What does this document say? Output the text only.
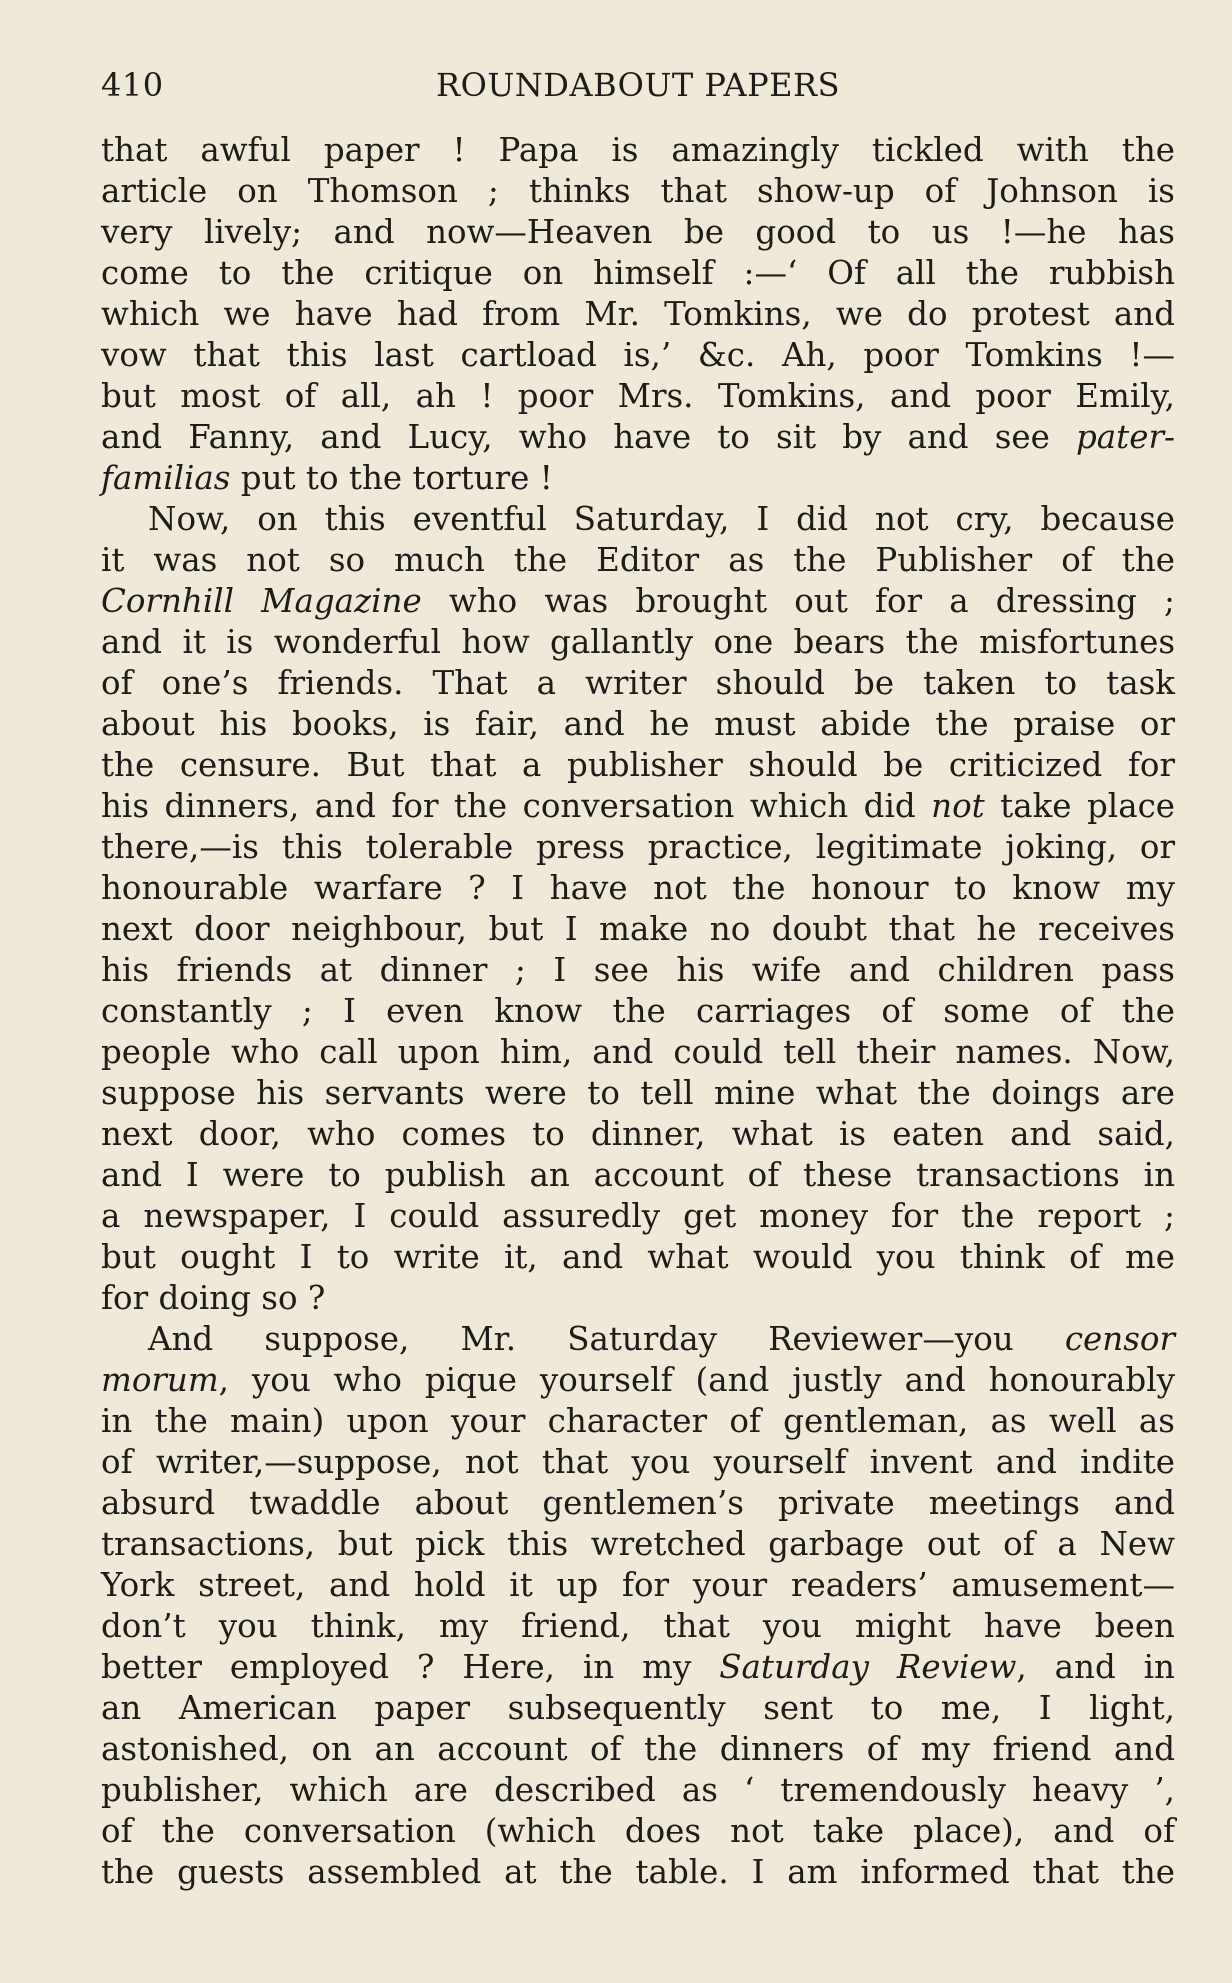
410	ROUNDABOUT PAPERS
that awful paper ! Papa is amazingly tickled with the
article on Thomson ; thinks that show-up of Johnson is
very lively; and now—Heaven be good to us !—he has
come to the critique on himself :—‘ Of all the rubbish
which we have had from Mr. Tomkins, we do protest and
vow that this last cartload is,’ &c. Ah, poor Tomkins !—
but most of all, ah ! poor Mrs. Tomkins, and poor Emily,
and Fanny, and Lucy, who have to sit by and see pater-
familias put to the torture !
Now, on this eventful Saturday, I did not cry, because
it was not so much the Editor as the Publisher of the
Cornhill Magazine who was brought out for a dressing ;
and it is wonderful how gallantly one bears the misfortunes
of one’s friends. That a writer should be taken to task
about his books, is fair, and he must abide the praise or
the censure. But that a publisher should be criticized for
his dinners, and for the conversation which did not take place
there,—is this tolerable press practice, legitimate joking, or
honourable warfare ? I have not the honour to know my
next door neighbour, but I make no doubt that he receives
his friends at dinner ; I see his wife and children pass
constantly ; I even know the carriages of some of the
people who call upon him, and could tell their names. Now,
suppose his servants were to tell mine what the doings are
next door, who comes to dinner, what is eaten and said,
and I were to publish an account of these transactions in
a newspaper, I could assuredly get money for the report ;
but ought I to write it, and what would you think of me
for doing so ?
And suppose, Mr. Saturday Reviewer—you censor
morum, you who pique yourself (and justly and honourably
in the main) upon your character of gentleman, as well as
of writer,—suppose, not that you yourself invent and indite
absurd twaddle about gentlemen’s private meetings and
transactions, but pick this wretched garbage out of a New
York street, and hold it up for your readers’ amusement—
don’t you think, my friend, that you might have been
better employed ? Here, in my Saturday Review, and in
an American paper subsequently sent to me, I light,
astonished, on an account of the dinners of my friend and
publisher, which are described as ‘ tremendously heavy ’,
of the conversation (which does not take place), and of
the guests assembled at the table. I am informed that the
